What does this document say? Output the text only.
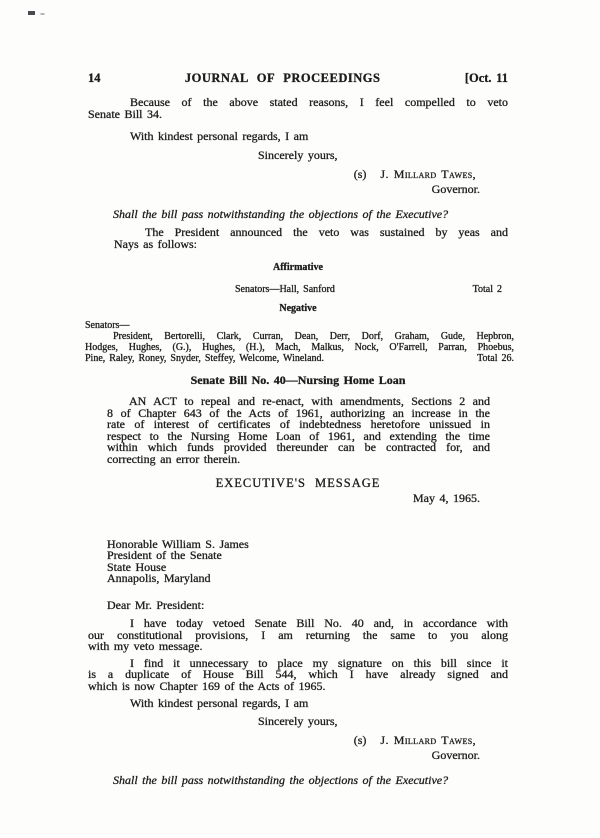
14	JOURNAL OF PROCEEDINGS	[Oct. 11
Because of the above stated reasons, I feel compelled to veto
Senate Bill 34.
With kindest personal regards, I am
Sincerely yours,
(s) J. Millard Tawes,
Governor.
Shall the bill pass notwithstanding the objections of the Executive?
The President announced the veto was sustained by yeas and
Nays as follows:
Affirmative
Senators—Hall, Sanford	Total 2
Negative
Senators—
President, Bertorelli, Clark, Curran, Dean, Derr, Dorf, Graham, Gude, Hepbron,
Hodges, Hughes, (G.), Hughes, (H.), Mach, Malkus, Nock, O'Farrell, Parran, Phoebus,
Pine, Raley, Roney, Snyder, Steffey, Welcome, Wineland.	Total 26.
Senate Bill No. 40—Nursing Home Loan
AN ACT to repeal and re-enact, with amendments, Sections 2 and
8 of Chapter 643 of the Acts of 1961, authorizing an increase in the
rate of interest of certificates of indebtedness heretofore unissued in
respect to the Nursing Home Loan of 1961, and extending the time
within which funds provided thereunder can be contracted for, and
correcting an error therein.
EXECUTIVE'S MESSAGE
May 4, 1965.
Honorable William S. James
President of the Senate
State House
Annapolis, Maryland
Dear Mr. President:
I have today vetoed Senate Bill No. 40 and, in accordance with
our constitutional provisions, I am returning the same to you along
with my veto message.
I find it unnecessary to place my signature on this bill since it
is a duplicate of House Bill 544, which I have already signed and
which is now Chapter 169 of the Acts of 1965.
With kindest personal regards, I am
Sincerely yours,
(s) J. Millard Tawes,
Governor.
Shall the bill pass notwithstanding the objections of the Executive?
